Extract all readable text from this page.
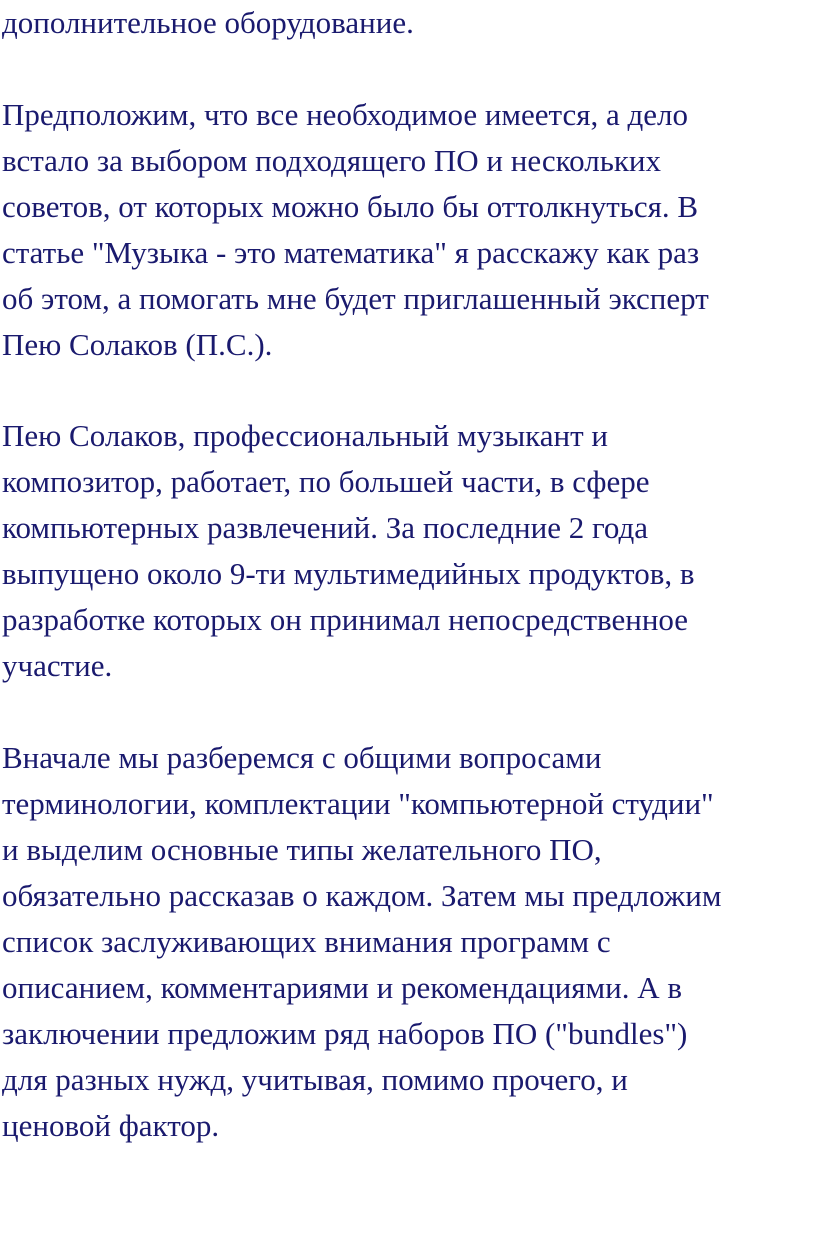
дополнительное оборудование.
Предположим, что все необходимое имеется, а дело
встало за выбором подходящего ПО и нескольких
советов, от которых можно было бы оттолкнуться. В
статье "Музыка - это математика" я расскажу как раз
об этом, а помогать мне будет приглашенный эксперт
Пею Солаков (П.С.).
Пею Солаков, профессиональный музыкант и
композитор, работает, по большей части, в сфере
компьютерных развлечений. За последние 2 года
выпущено около 9-ти мультимедийных продуктов, в
разработке которых он принимал непосредственное
участие.
Вначале мы разберемся с общими вопросами
терминологии, комплектации "компьютерной студии"
и выделим основные типы желательного ПО,
обязательно рассказав о каждом. Затем мы предложим
список заслуживающих внимания программ с
описанием, комментариями и рекомендациями. А в
заключении предложим ряд наборов ПО ("bundles")
для разных нужд, учитывая, помимо прочего, и
ценовой фактор.
